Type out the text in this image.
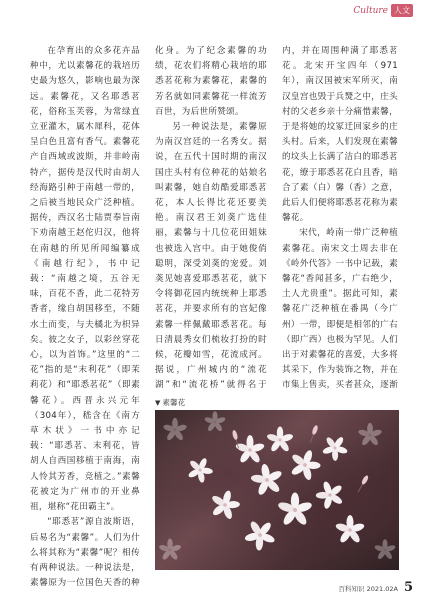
Culture 人文

在孕育出的众多花卉品种中，尤以素馨花的栽培历史最为悠久，影响也最为深远。素馨花，又名耶悉茗花，俗称玉芙蓉，为常绿直立亚灌木，属木犀科，花体呈白色且富有香气。素馨花产自西域或波斯，并非岭南特产，据传是汉代时由胡人经海路引种于南越一带的，之后被当地民众广泛种植。据传，西汉名士陆贾奉旨南下劝南越王赵佗归汉，他将在南越的所见所闻编纂成《南越行纪》，书中记载：“南越之境，五谷无味，百花不香，此二花特芳香者，缘自胡国移至，不随水土而变，与夫橘北为枳异矣。彼之女子，以彩丝穿花心，以为首饰。”这里的“二花”指的是“末利花”（即茉莉花）和“耶悉茗花”（即素馨花）。西晋永兴元年（304年），嵇含在《南方草木状》一书中亦记载：“耶悉茗、末利花，皆胡人自西国移植于南海，南人怜其芳香，竞植之。”素馨花被定为广州市的开业鼻祖，堪称“花田霸主”。

“耶悉茗”源自波斯语，后易名为“素馨”。人们为什么将其称为“素馨”呢？相传有两种说法。一种说法是，素馨原为一位国色天香的种

化身。为了纪念素馨的功绩，花农们将精心栽培的耶悉茗花称为素馨花，素馨的芳名就如同素馨花一样流芳百世，为后世所赞颂。

另一种说法是，素馨原为南汉宫廷的一名秀女。据说，在五代十国时期的南汉国庄头村有位种花的姑娘名叫素馨，她自幼酷爱耶悉茗花，本人长得比花还要美艳。南汉君王刘䶮广选佳丽，素馨与十几位花田姐妹也被选入宫中。由于她俊俏聪明，深受刘䶮的宠爱。刘䶮见她喜爱耶悉茗花，就下令将御花园内统统种上耶悉茗花，并要求所有的宫妃像素馨一样佩戴耶悉茗花。每日清晨秀女们梳妆打扮的时候，花瓣如雪，花流成河。据说，广州城内的“流花湖”和“流花桥”就得名于

内，并在周围种满了耶悉茗花。北宋开宝四年（971年），南汉国被宋军所灭，南汉皇宫也毁于兵燹之中，庄头村的父老乡亲十分痛惜素馨，于是将她的坟冢迁回家乡的庄头村。后来，人们发现在素馨的坟头上长满了洁白的耶悉茗花，缭于耶悉茗花白且香，暗合了素（白）馨（香）之意，此后人们便将耶悉茗花称为素馨花。

宋代，岭南一带广泛种植素馨花。南宋文士周去非在《岭外代答》一书中记载，素馨花“香闻甚多，广右绝少，土人尤贵重”。据此可知，素馨花广泛种植在番禺（今广州）一带，即便是相邻的广右（即广西）也极为罕见。人们出于对素馨花的喜爱，大多将其采下，作为装饰之物，并在市集上售卖，买者甚众，逐渐

▼ 素馨花
百科知识 2021.02A 5
